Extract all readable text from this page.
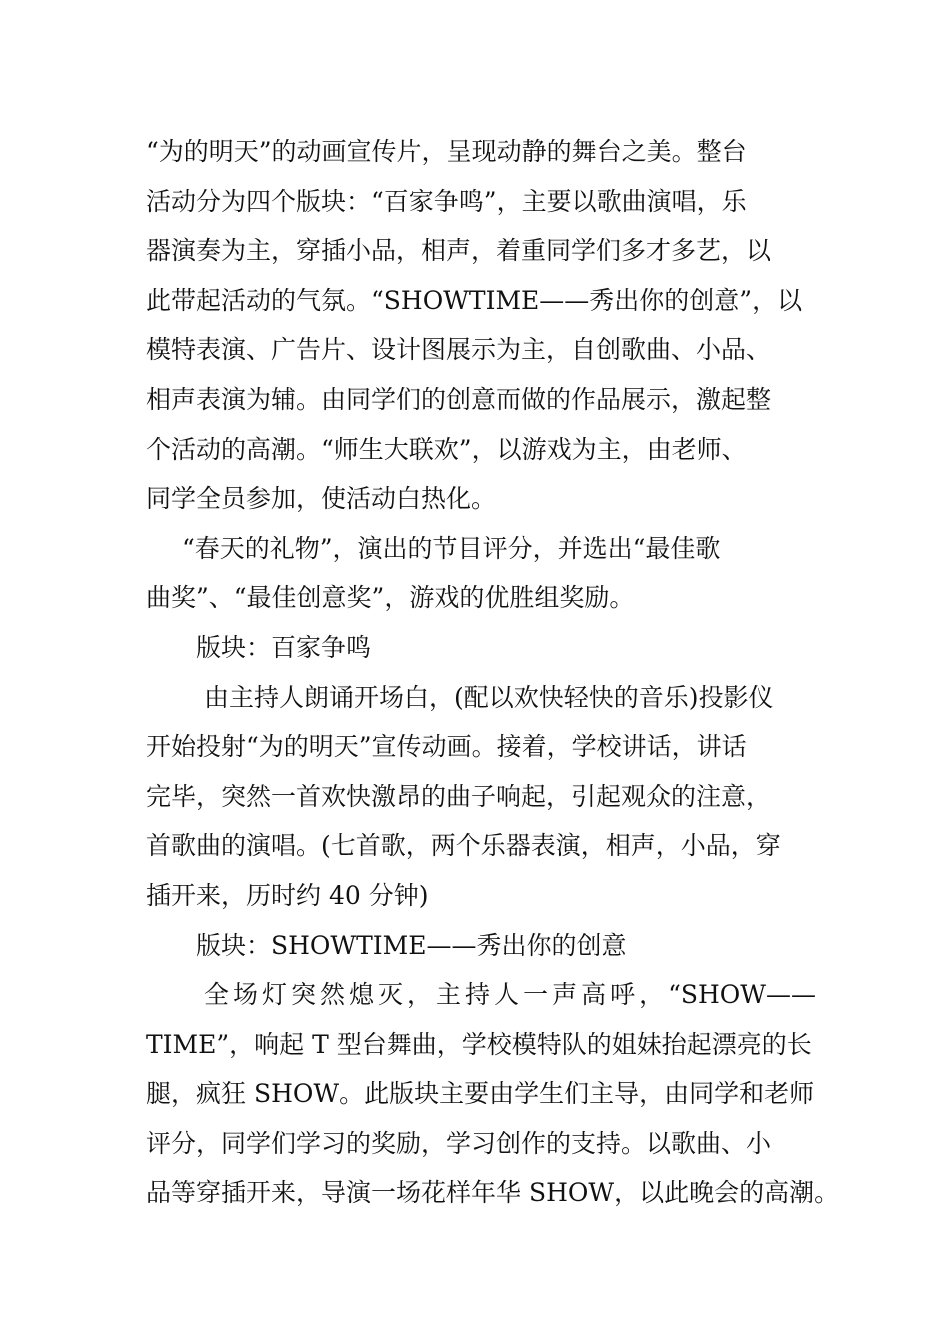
“为的明天”的动画宣传片，呈现动静的舞台之美。整台
活动分为四个版块：“百家争鸣”，主要以歌曲演唱，乐
器演奏为主，穿插小品，相声，着重同学们多才多艺，以
此带起活动的气氛。“SHOWTIME——秀出你的创意”，以
模特表演、广告片、设计图展示为主，自创歌曲、小品、
相声表演为辅。由同学们的创意而做的作品展示，激起整
个活动的高潮。“师生大联欢”，以游戏为主，由老师、
同学全员参加，使活动白热化。
“春天的礼物”，演出的节目评分，并选出“最佳歌
曲奖”、“最佳创意奖”，游戏的优胜组奖励。
版块：百家争鸣
由主持人朗诵开场白，(配以欢快轻快的音乐)投影仪
开始投射“为的明天”宣传动画。接着，学校讲话，讲话
完毕，突然一首欢快激昂的曲子响起，引起观众的注意，
首歌曲的演唱。(七首歌，两个乐器表演，相声，小品，穿
插开来，历时约 40 分钟)
版块：SHOWTIME——秀出你的创意
全场灯突然熄灭，主持人一声高呼，“SHOW——
TIME”，响起 T 型台舞曲，学校模特队的姐妹抬起漂亮的长
腿，疯狂 SHOW。此版块主要由学生们主导，由同学和老师
评分，同学们学习的奖励，学习创作的支持。以歌曲、小
品等穿插开来，导演一场花样年华 SHOW，以此晚会的高潮。
